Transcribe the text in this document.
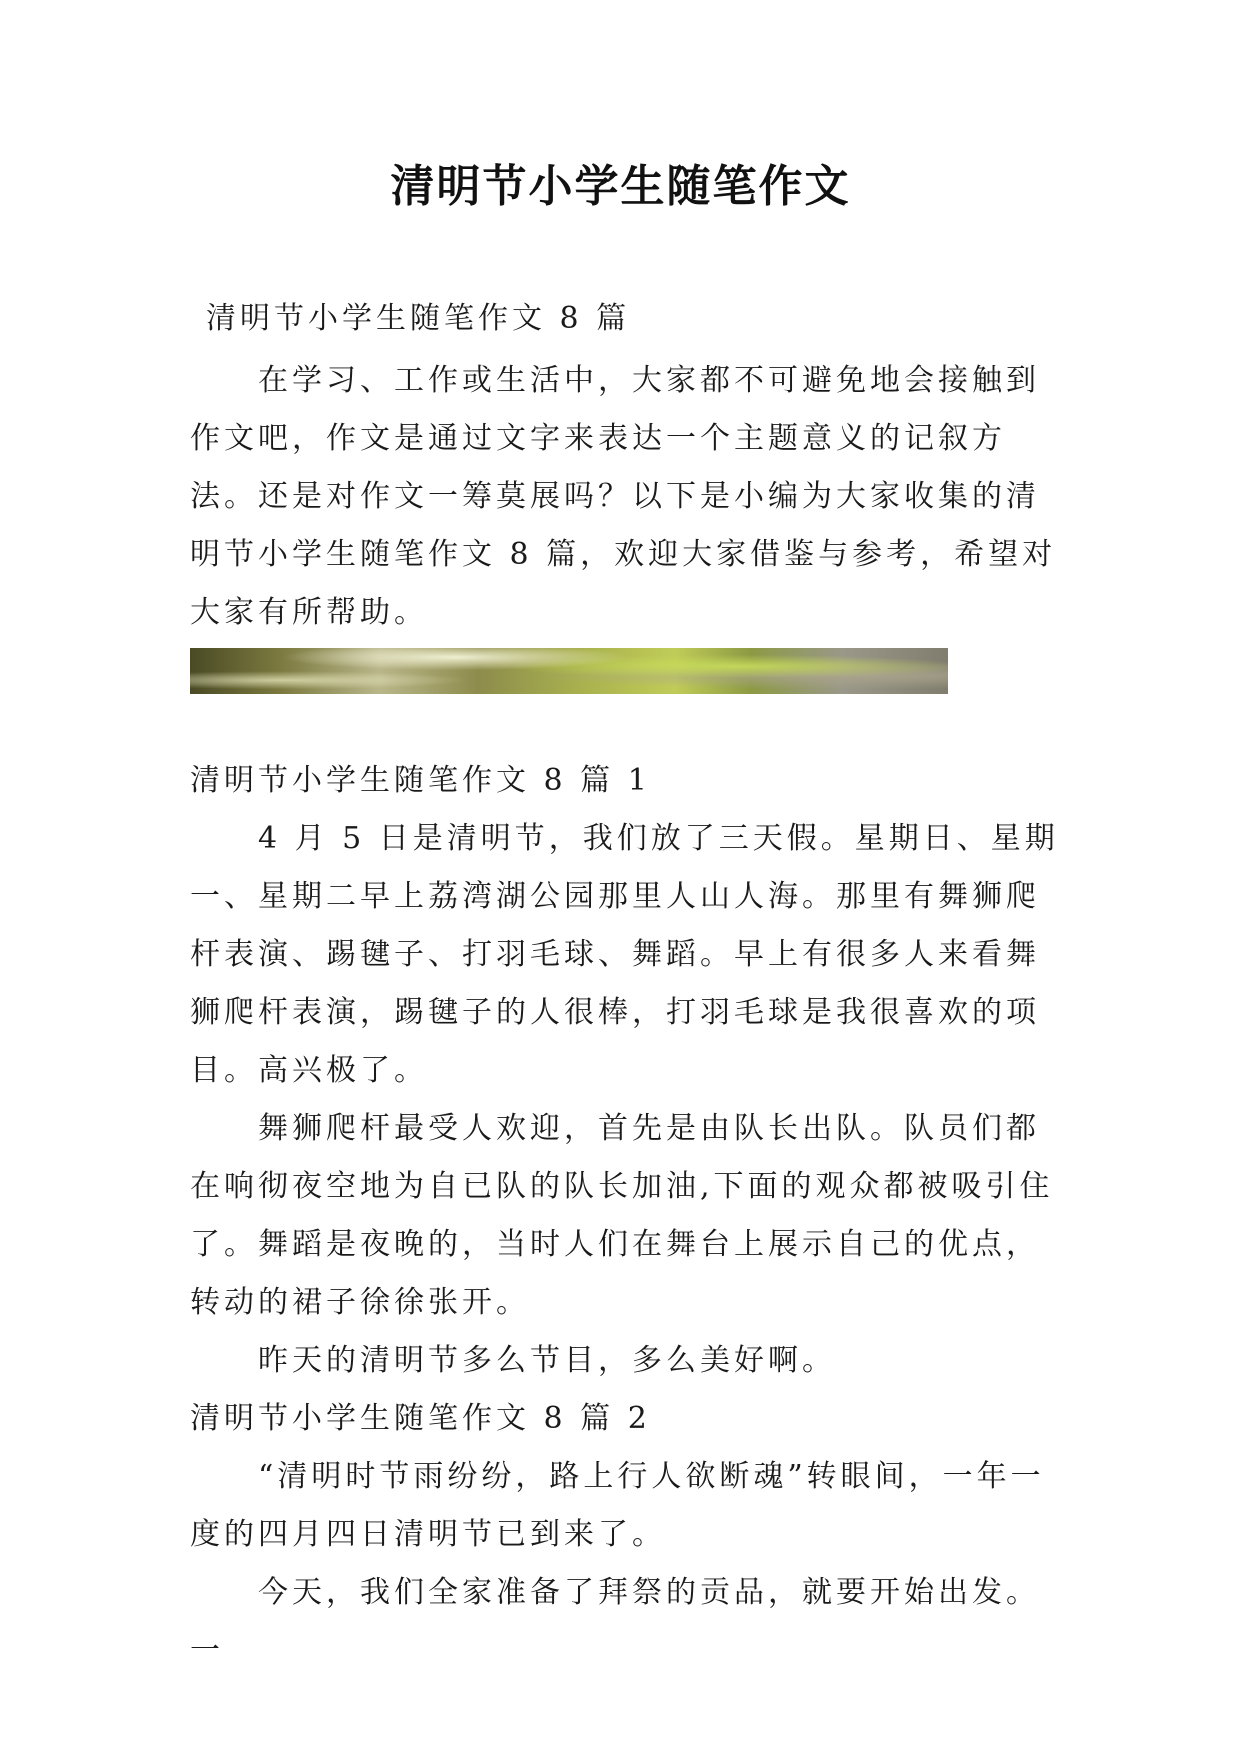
清明节小学生随笔作文

清明节小学生随笔作文 8 篇

在学习、工作或生活中，大家都不可避免地会接触到作文吧，作文是通过文字来表达一个主题意义的记叙方法。还是对作文一筹莫展吗？以下是小编为大家收集的清明节小学生随笔作文 8 篇，欢迎大家借鉴与参考，希望对大家有所帮助。

清明节小学生随笔作文 8 篇 1

4 月 5 日是清明节，我们放了三天假。星期日、星期一、星期二早上荔湾湖公园那里人山人海。那里有舞狮爬杆表演、踢毽子、打羽毛球、舞蹈。早上有很多人来看舞狮爬杆表演，踢毽子的人很棒，打羽毛球是我很喜欢的项目。高兴极了。

舞狮爬杆最受人欢迎，首先是由队长出队。队员们都在响彻夜空地为自已队的队长加油,下面的观众都被吸引住了。舞蹈是夜晚的，当时人们在舞台上展示自己的优点，转动的裙子徐徐张开。

昨天的清明节多么节目，多么美好啊。

清明节小学生随笔作文 8 篇 2

“清明时节雨纷纷，路上行人欲断魂”转眼间，一年一度的四月四日清明节已到来了。

今天，我们全家准备了拜祭的贡品，就要开始出发。一
